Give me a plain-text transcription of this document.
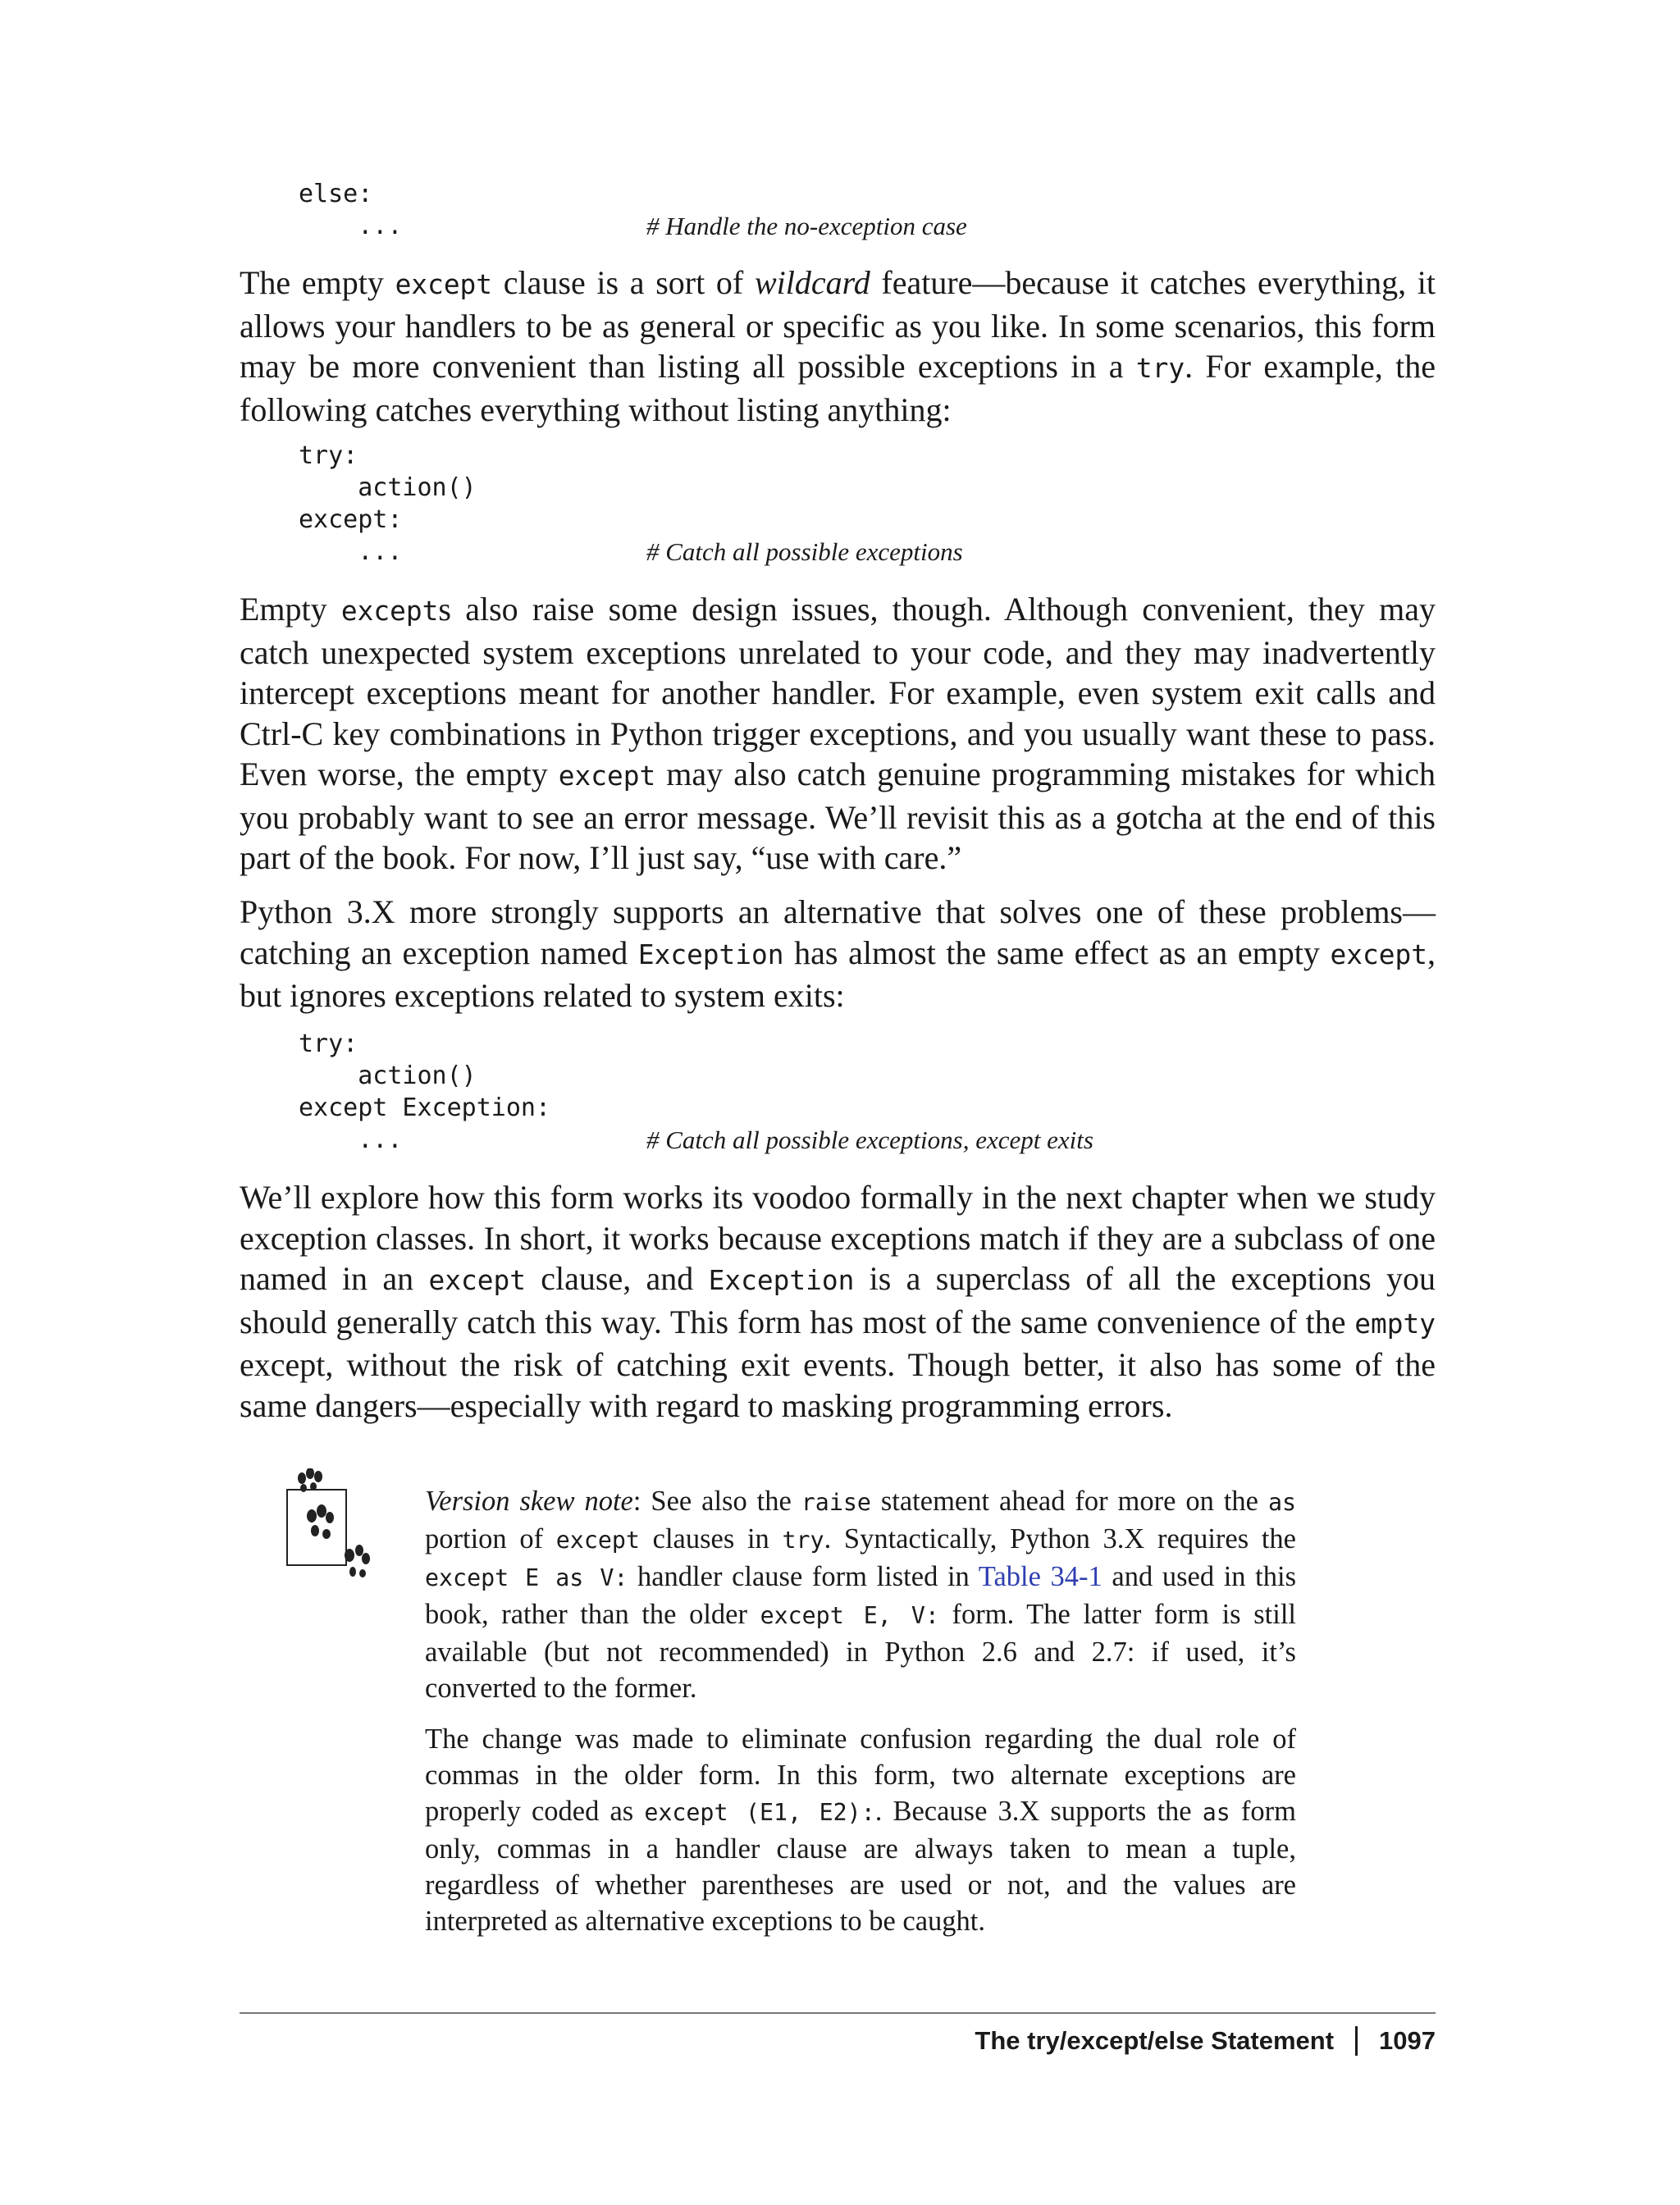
else:
...	# Handle the no-exception case

The empty except clause is a sort of wildcard feature—because it catches everything, it allows your handlers to be as general or specific as you like. In some scenarios, this form may be more convenient than listing all possible exceptions in a try. For example, the following catches everything without listing anything:

try:
action()
except:
...	# Catch all possible exceptions

Empty excepts also raise some design issues, though. Although convenient, they may catch unexpected system exceptions unrelated to your code, and they may inadvertently intercept exceptions meant for another handler. For example, even system exit calls and Ctrl-C key combinations in Python trigger exceptions, and you usually want these to pass. Even worse, the empty except may also catch genuine programming mistakes for which you probably want to see an error message. We’ll revisit this as a gotcha at the end of this part of the book. For now, I’ll just say, “use with care.”

Python 3.X more strongly supports an alternative that solves one of these problems—catching an exception named Exception has almost the same effect as an empty except, but ignores exceptions related to system exits:

try:
action()
except Exception:
...	# Catch all possible exceptions, except exits

We’ll explore how this form works its voodoo formally in the next chapter when we study exception classes. In short, it works because exceptions match if they are a subclass of one named in an except clause, and Exception is a superclass of all the exceptions you should generally catch this way. This form has most of the same convenience of the empty except, without the risk of catching exit events. Though better, it also has some of the same dangers—especially with regard to masking programming errors.

Version skew note: See also the raise statement ahead for more on the as portion of except clauses in try. Syntactically, Python 3.X requires the except E as V: handler clause form listed in Table 34-1 and used in this book, rather than the older except E, V: form. The latter form is still available (but not recommended) in Python 2.6 and 2.7: if used, it’s converted to the former.

The change was made to eliminate confusion regarding the dual role of commas in the older form. In this form, two alternate exceptions are properly coded as except (E1, E2):. Because 3.X supports the as form only, commas in a handler clause are always taken to mean a tuple, regardless of whether parentheses are used or not, and the values are interpreted as alternative exceptions to be caught.

The try/except/else Statement 1097
